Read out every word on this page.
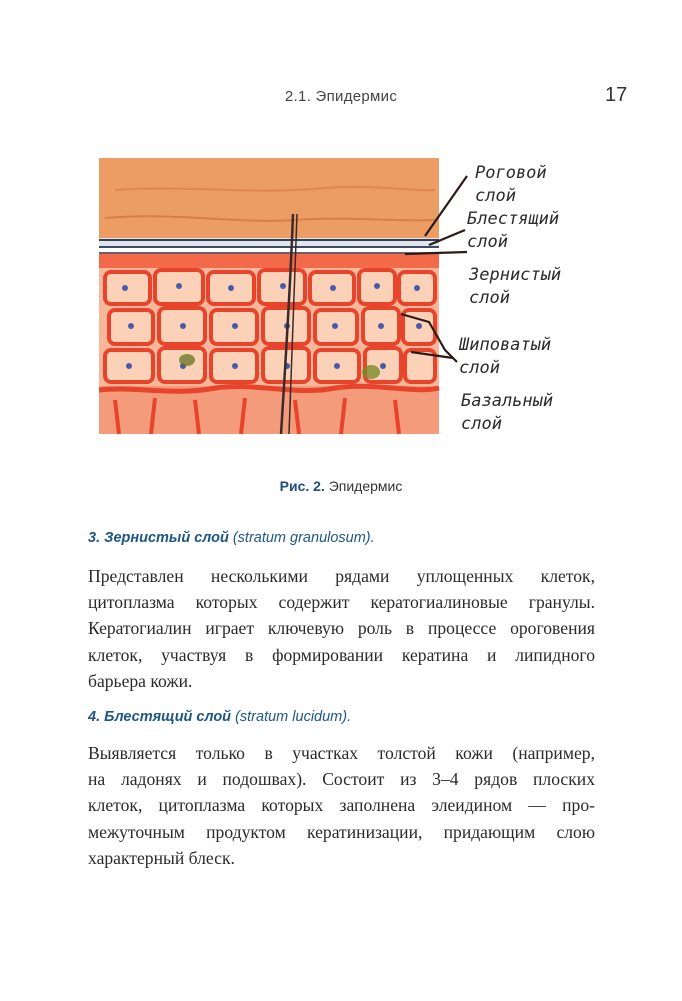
2.1. Эпидермис	17
Роговой
слой
Блестящий
слой
Зернистый
слой
Шиповатый
слой
Базальный
слой
Рис. 2. Эпидермис
3. Зернистый слой (stratum granulosum).
Представлен несколькими рядами уплощенных клеток,
цитоплазма которых содержит кератогиалиновые гранулы.
Кератогиалин играет ключевую роль в процессе ороговения
клеток, участвуя в формировании кератина и липидного
барьера кожи.
4. Блестящий слой (stratum lucidum).
Выявляется только в участках толстой кожи (например,
на ладонях и подошвах). Состоит из 3–4 рядов плоских
клеток, цитоплазма которых заполнена элеидином — про-
межуточным продуктом кератинизации, придающим слою
характерный блеск.
